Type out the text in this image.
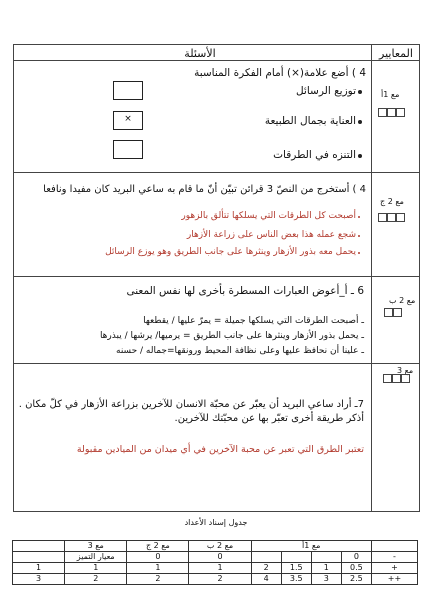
المعايير
الأسئلة
4 ) أضع علامة(×) أمام الفكرة المناسبة
مع 1أ
×
توزيع الرسائل
العناية بجمال الطبيعة
التنزه في الطرقات
4 ) أستخرج من النصّ 3 قرائن تبيّن أنّ ما قام به ساعي البريد كان مفيدا ونافعا
مع 2 ج
أصبحت كل الطرقات التي يسلكها تتألق بالزهور
شجع عمله هذا بعض الناس على زراعة الأزهار
يحمل معه بذور الأزهار وينثرها على جانب الطريق وهو يوزع الرسائل
6 ـ أ_أعوض العبارات المسطرة بأخرى لها نفس المعنى
مع 2 ب
ـ أصبحت الطرقات التي يسلكها جميلة = يمرّ عليها / يقطعها
ـ يحمل بذور الأزهار وينثرها على جانب الطريق = يرميها/ يرشها / يبذرها
ـ علينا أن نحافظ عليها وعلى نظافة المحيط ورونقها=جماله / حسنه
مع 3
7ـ أراد ساعي البريد أن يعبّر عن محبّة الانسان للآخرين بزراعة الأزهار في كلّ مكان .
أذكر طريقة أخرى تعبّر بها عن محبّتك للآخرين.
تعتبر الطرق التي تعبر عن محبة الآخرين في أي ميدان من الميادين مقبولة
جدول إسناد الأعداد
	مع 1أ				مع 2 ب	مع 2 ج	مع 3	
-	0				0	0	معيار التميز	
+	0.5	1	1.5	2	1	1	1	1
++	2.5	3	3.5	4	2	2	2	3
